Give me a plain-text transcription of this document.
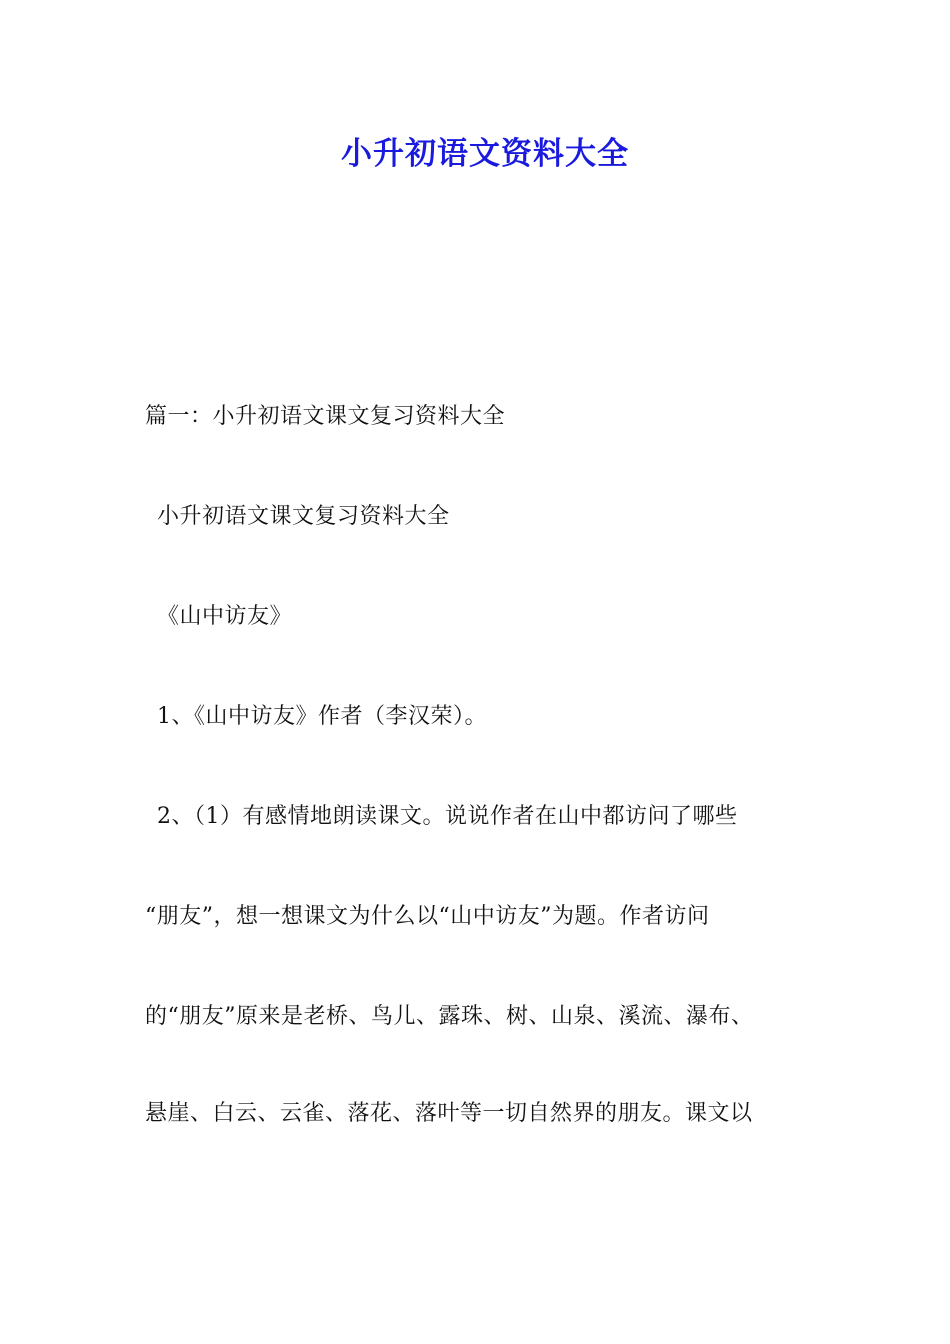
小升初语文资料大全

篇一：小升初语文课文复习资料大全

小升初语文课文复习资料大全

《山中访友》

1、《山中访友》作者（李汉荣）。

2、（1）有感情地朗读课文。说说作者在山中都访问了哪些

“朋友”，想一想课文为什么以“山中访友”为题。作者访问

的“朋友”原来是老桥、鸟儿、露珠、树、山泉、溪流、瀑布、

悬崖、白云、云雀、落花、落叶等一切自然界的朋友。课文以
